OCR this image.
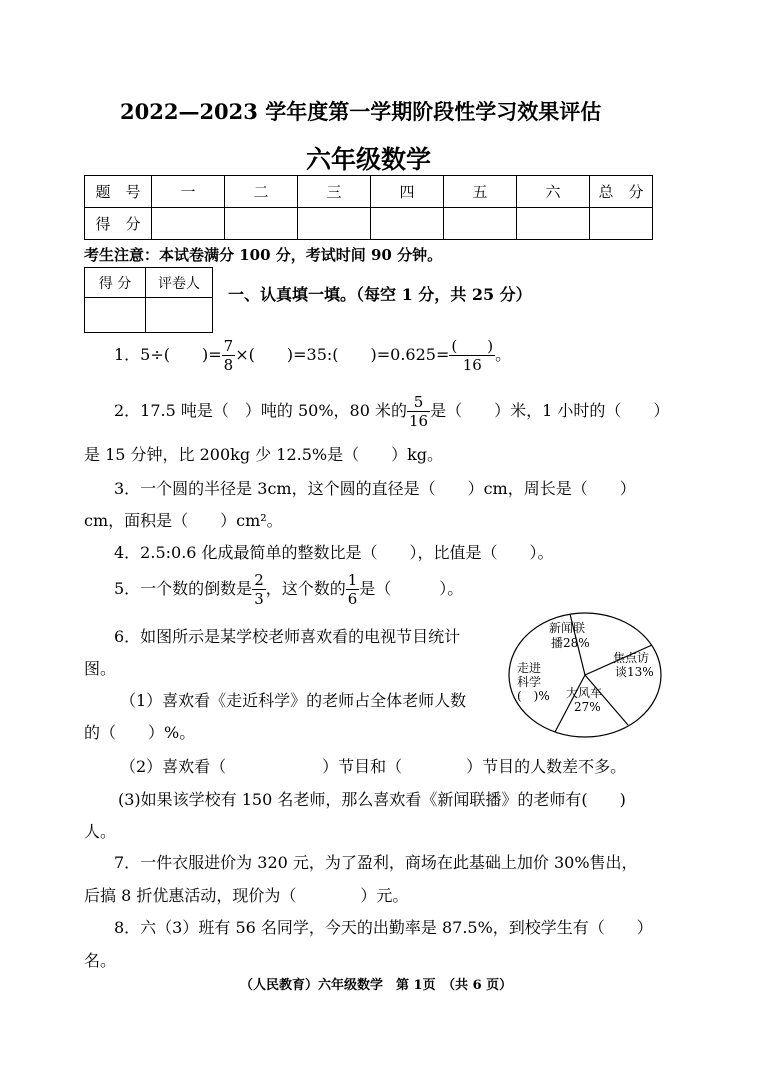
2022—2023 学年度第一学期阶段性学习效果评估
六年级数学
题　号	一	二	三	四	五	六	总　分
得　分							
考生注意：本试卷满分 100 分，考试时间 90 分钟。
得 分	评卷人

一、认真填一填。（每空 1 分，共 25 分）
1．5÷(　　)= $\frac{7}{8}$ ×(　　)=35:(　　)$=0.625= \frac{( )}{16}$ 。
2．17.5 吨是（　）吨的 50%，80 米的 $\frac{5}{16}$ 是（　　）米，1 小时的（　　）
是 15 分钟，比 200kg 少 12.5%是（　　）kg。
3．一个圆的半径是 3cm，这个圆的直径是（　　）cm，周长是（　　）
cm，面积是（　　）cm²。
4．2.5:0.6 化成最简单的整数比是（　　），比值是（　　）。
5．一个数的倒数是 $\frac{2}{3}$ ，这个数的 $\frac{1}{6}$ 是（　　　）。
6．如图所示是某学校老师喜欢看的电视节目统计
图。
（1）喜欢看《走近科学》的老师占全体老师人数
的（　　）%。
（2）喜欢看（　　　　　　）节目和（　　　　）节目的人数差不多。
(3)如果该学校有 150 名老师，那么喜欢看《新闻联播》的老师有(　　)
人。
新闻联
播28%
焦点访
谈13%
大风车
27%
走进
科学
(　)%
7．一件衣服进价为 320 元，为了盈利，商场在此基础上加价 30%售出，
后搞 8 折优惠活动，现价为（　　　　）元。
8．六（3）班有 56 名同学，今天的出勤率是 87.5%，到校学生有（　　）
名。
（人民教育）六年级数学　第 1页　（共 6 页）
